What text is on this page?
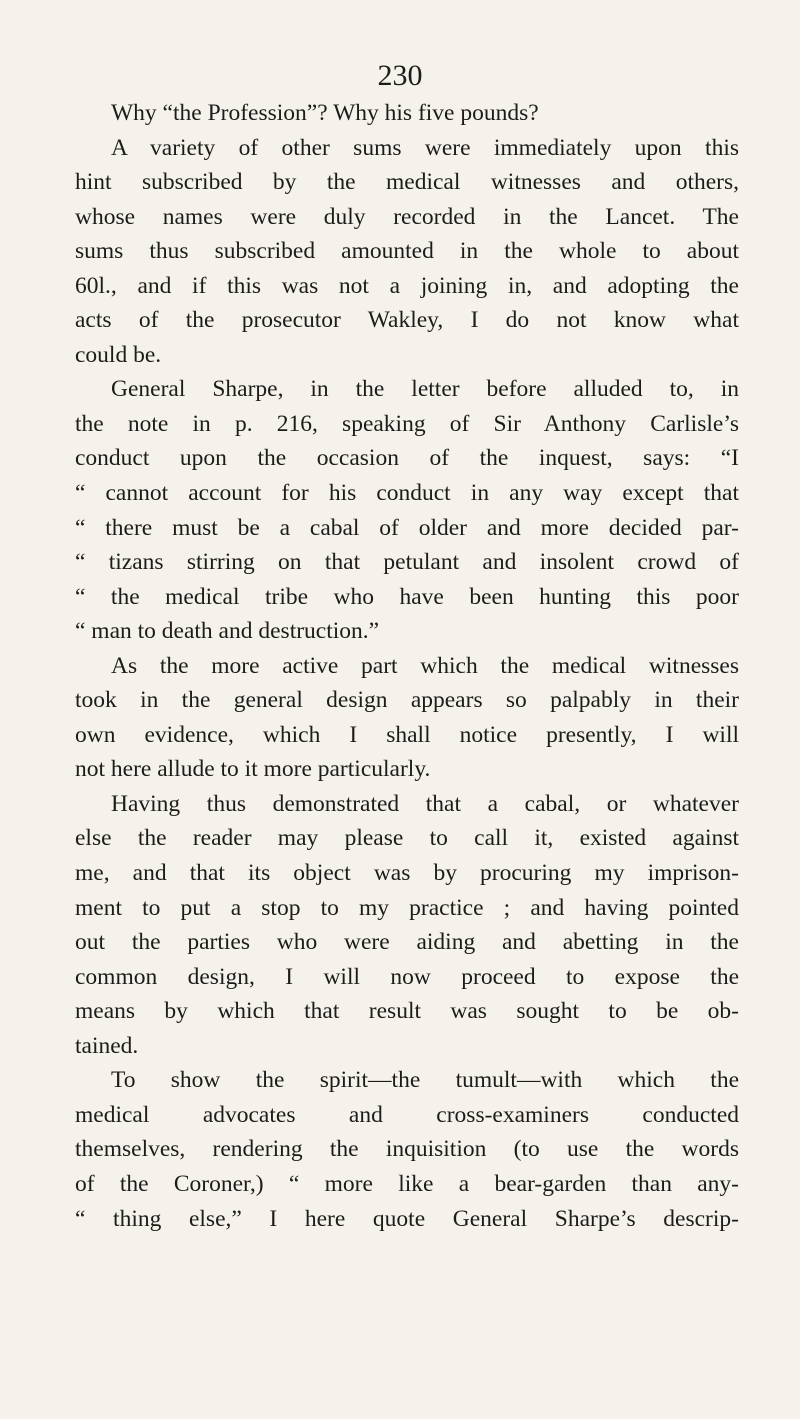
230
Why “the Profession”? Why his five pounds?
A variety of other sums were immediately upon this
hint subscribed by the medical witnesses and others,
whose names were duly recorded in the Lancet. The
sums thus subscribed amounted in the whole to about
60l., and if this was not a joining in, and adopting the
acts of the prosecutor Wakley, I do not know what
could be.
General Sharpe, in the letter before alluded to, in
the note in p. 216, speaking of Sir Anthony Carlisle’s
conduct upon the occasion of the inquest, says: “I
“ cannot account for his conduct in any way except that
“ there must be a cabal of older and more decided par-
“ tizans stirring on that petulant and insolent crowd of
“ the medical tribe who have been hunting this poor
“ man to death and destruction.”
As the more active part which the medical witnesses
took in the general design appears so palpably in their
own evidence, which I shall notice presently, I will
not here allude to it more particularly.
Having thus demonstrated that a cabal, or whatever
else the reader may please to call it, existed against
me, and that its object was by procuring my imprison-
ment to put a stop to my practice ; and having pointed
out the parties who were aiding and abetting in the
common design, I will now proceed to expose the
means by which that result was sought to be ob-
tained.
To show the spirit—the tumult—with which the
medical advocates and cross-examiners conducted
themselves, rendering the inquisition (to use the words
of the Coroner,) “ more like a bear-garden than any-
“ thing else,” I here quote General Sharpe’s descrip-
